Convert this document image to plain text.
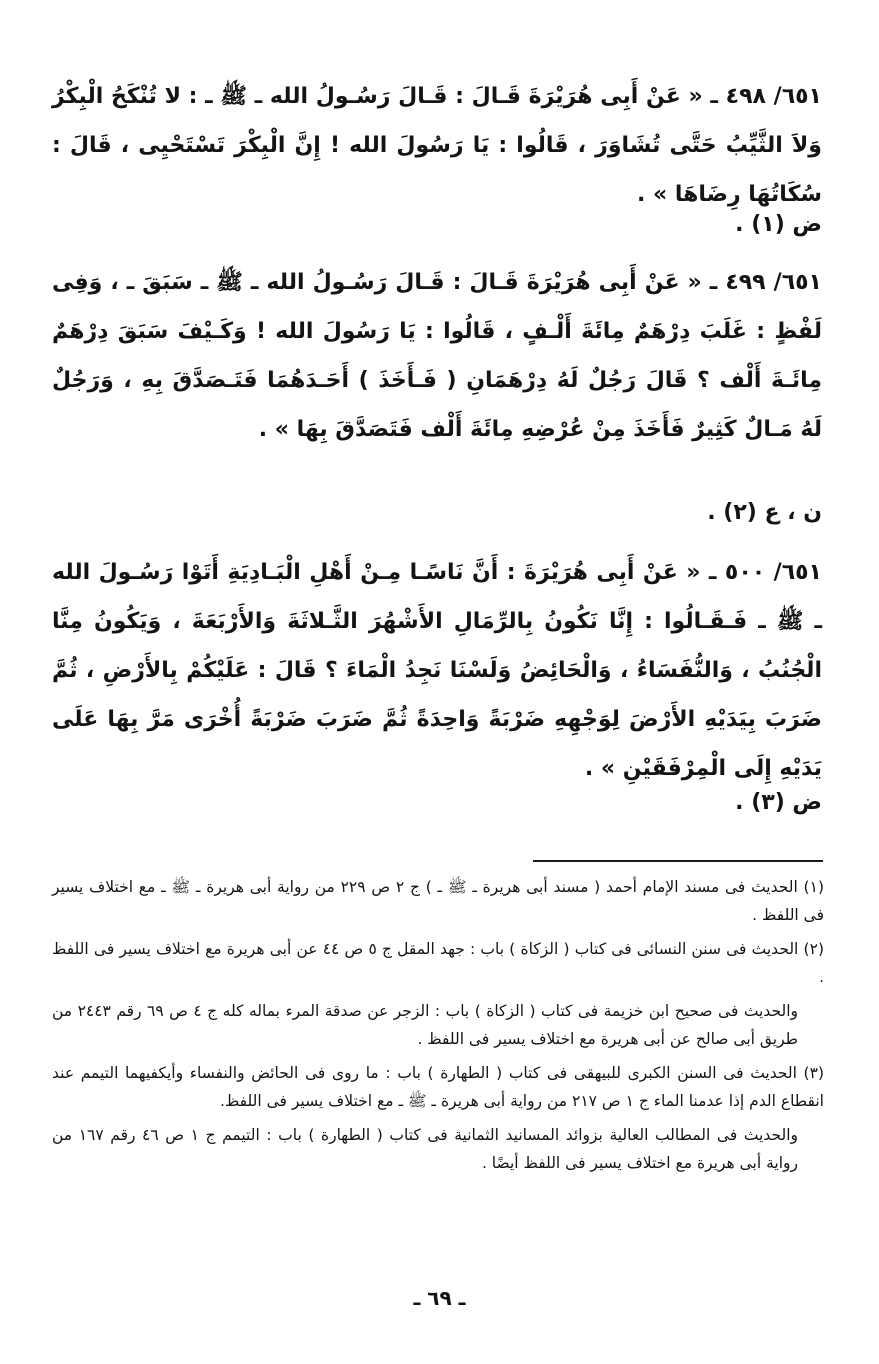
٦٥١/ ٤٩٨ ـ « عَنْ أَبِى هُرَيْرَةَ قَـالَ : قَـالَ رَسُـولُ الله ـ ﷺ ـ : لا تُنْكَحُ الْبِكْرُ وَلاَ الثَّيِّبُ حَتَّى تُشَاوَرَ ، قَالُوا : يَا رَسُولَ الله ! إِنَّ الْبِكْرَ تَسْتَحْيِى ، قَالَ : سُكَاتُهَا رِضَاهَا » .

ض (١) .

٦٥١/ ٤٩٩ ـ « عَنْ أَبِى هُرَيْرَةَ قَـالَ : قَـالَ رَسُـولُ الله ـ ﷺ ـ سَبَقَ ـ ، وَفِى لَفْظٍ : غَلَبَ دِرْهَمٌ مِائَةَ أَلْـفٍ ، قَالُوا : يَا رَسُولَ الله ! وَكَـيْفَ سَبَقَ دِرْهَمٌ مِائَـةَ أَلْف ؟ قَالَ رَجُلٌ لَهُ دِرْهَمَانِ ( فَـأَخَذَ ) أَحَـدَهُمَا فَتَـصَدَّقَ بِهِ ، وَرَجُلٌ لَهُ مَـالٌ كَثِيرٌ فَأَخَذَ مِنْ عُرْضِهِ مِائَةَ أَلْف فَتَصَدَّقَ بِهَا » .

ن ، ع (٢) .

٦٥١/ ٥٠٠ ـ « عَنْ أَبِى هُرَيْرَةَ : أَنَّ نَاسًـا مِـنْ أَهْلِ الْبَـادِيَةِ أَتَوْا رَسُـولَ الله ـ ﷺ ـ فَـقَـالُوا : إِنَّا نَكُونُ بِالرِّمَالِ الأَشْهُرَ الثَّـلاثَةَ وَالأَرْبَعَةَ ، وَيَكُونُ مِنَّا الْجُنُبُ ، وَالنُّفَسَاءُ ، وَالْحَائِضُ وَلَسْنَا نَجِدُ الْمَاءَ ؟ قَالَ : عَلَيْكُمْ بِالأَرْضِ ، ثُمَّ ضَرَبَ بِيَدَيْهِ الأَرْضَ لِوَجْهِهِ ضَرْبَةً وَاحِدَةً ثُمَّ ضَرَبَ ضَرْبَةً أُخْرَى مَرَّ بِهَا عَلَى يَدَيْهِ إِلَى الْمِرْفَقَيْنِ » .

ض (٣) .

(١) الحديث فى مسند الإمام أحمد ( مسند أبى هريرة ـ ﷺ ـ ) ج ٢ ص ٢٢٩ من رواية أبى هريرة ـ ﷺ ـ مع اختلاف يسير فى اللفظ .

(٢) الحديث فى سنن النسائى فى كتاب ( الزكاة ) باب : جهد المقل ج ٥ ص ٤٤ عن أبى هريرة مع اختلاف يسير فى اللفظ .

والحديث فى صحيح ابن خزيمة فى كتاب ( الزكاة ) باب : الزجر عن صدقة المرء بماله كله ج ٤ ص ٦٩ رقم ٢٤٤٣ من طريق أبى صالح عن أبى هريرة مع اختلاف يسير فى اللفظ .

(٣) الحديث فى السنن الكبرى للبيهقى فى كتاب ( الطهارة ) باب : ما روى فى الحائض والنفساء وأيكفيهما التيمم عند انقطاع الدم إذا عدمنا الماء ج ١ ص ٢١٧ من رواية أبى هريرة ـ ﷺ ـ مع اختلاف يسير فى اللفظ.

والحديث فى المطالب العالية بزوائد المسانيد الثمانية فى كتاب ( الطهارة ) باب : التيمم ج ١ ص ٤٦ رقم ١٦٧ من رواية أبى هريرة مع اختلاف يسير فى اللفظ أيضًا .

ـ ٦٩ ـ
